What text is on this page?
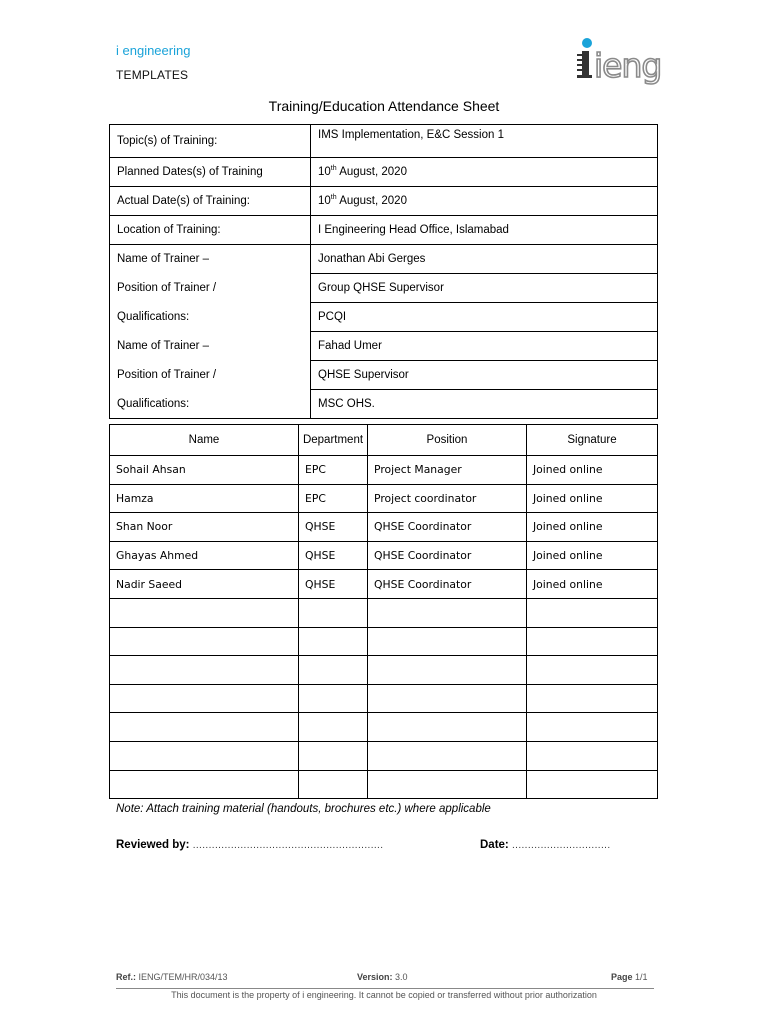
i engineering
TEMPLATES	ieng
Training/Education Attendance Sheet
Topic(s) of Training:	IMS Implementation, E&C Session 1
Planned Dates(s) of Training	10th August, 2020
Actual Date(s) of Training:	10th August, 2020
Location of Training:	I Engineering Head Office, Islamabad
Name of Trainer –	Jonathan Abi Gerges
Position of Trainer /	Group QHSE Supervisor
Qualifications:	PCQI
Name of Trainer –	Fahad Umer
Position of Trainer /	QHSE Supervisor
Qualifications:	MSC OHS.
Name	Department	Position	Signature
Sohail Ahsan	EPC	Project Manager	Joined online
Hamza	EPC	Project coordinator	Joined online
Shan Noor	QHSE	QHSE Coordinator	Joined online
Ghayas Ahmed	QHSE	QHSE Coordinator	Joined online
Nadir Saeed	QHSE	QHSE Coordinator	Joined online

Note: Attach training material (handouts, brochures etc.) where applicable
Reviewed by: ............................................................	Date: ...............................
Ref.: IENG/TEM/HR/034/13	Version: 3.0	Page 1/1
This document is the property of i engineering. It cannot be copied or transferred without prior authorization
